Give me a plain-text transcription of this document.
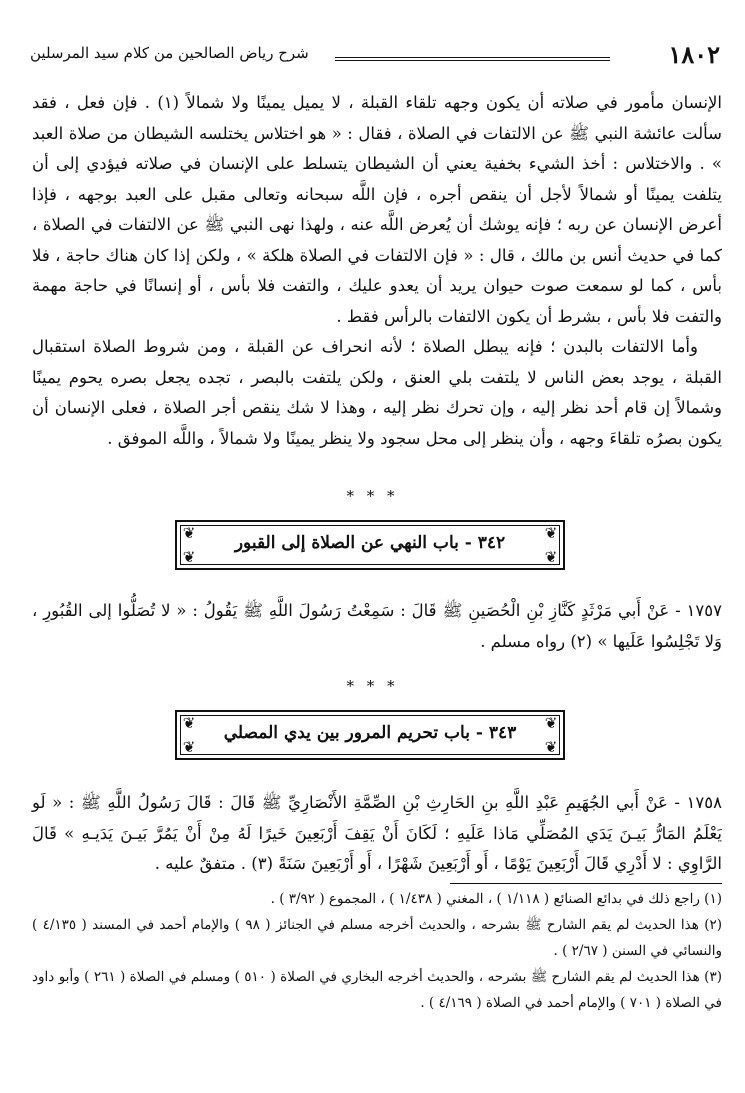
١٨٠٢
شرح رياض الصالحين من كلام سيد المرسلين

الإنسان مأمور في صلاته أن يكون وجهه تلقاء القبلة ، لا يميل يمينًا ولا شمالاً (١) . فإن فعل ، فقد سألت عائشة النبي ﷺ عن الالتفات في الصلاة ، فقال : « هو اختلاس يختلسه الشيطان من صلاة العبد » . والاختلاس : أخذ الشيء بخفية يعني أن الشيطان يتسلط على الإنسان في صلاته فيؤدي إلى أن يتلفت يمينًا أو شمالاً لأجل أن ينقص أجره ، فإن اللَّه سبحانه وتعالى مقبل على العبد بوجهه ، فإذا أعرض الإنسان عن ربه ؛ فإنه يوشك أن يُعرض اللَّه عنه ، ولهذا نهى النبي ﷺ عن الالتفات في الصلاة ، كما في حديث أنس بن مالك ، قال : « فإن الالتفات في الصلاة هلكة » ، ولكن إذا كان هناك حاجة ، فلا بأس ، كما لو سمعت صوت حيوان يريد أن يعدو عليك ، والتفت فلا بأس ، أو إنسانًا في حاجة مهمة والتفت فلا بأس ، بشرط أن يكون الالتفات بالرأس فقط .

وأما الالتفات بالبدن ؛ فإنه يبطل الصلاة ؛ لأنه انحراف عن القبلة ، ومن شروط الصلاة استقبال القبلة ، يوجد بعض الناس لا يلتفت بلي العنق ، ولكن يلتفت بالبصر ، تجده يجعل بصره يحوم يمينًا وشمالاً إن قام أحد نظر إليه ، وإن تحرك نظر إليه ، وهذا لا شك ينقص أجر الصلاة ، فعلى الإنسان أن يكون بصرُه تلقاءَ وجهه ، وأن ينظر إلى محل سجود ولا ينظر يمينًا ولا شمالاً ، واللَّه الموفق .

* * *
❦	❦
❦	❦
٣٤٢ - باب النهي عن الصلاة إلى القبور
١٧٥٧ - عَنْ أَبي مَرْثَدٍ كَنَّازِ بْنِ الْحُصَينِ ﷺ قَالَ : سَمِعْتُ رَسُولَ اللَّهِ ﷺ يَقُولُ : « لا تُصَلُّوا إلى القُبُورِ ، وَلا تَجْلِسُوا عَلَيها » (٢) رواه مسلم .
* * *
❦	❦
❦	❦
٣٤٣ - باب تحريم المرور بين يدي المصلي
١٧٥٨ - عَنْ أَبي الجُهَيمِ عَبْدِ اللَّهِ بنِ الحَارِثِ بْنِ الصِّمَّةِ الأَنْصَارِيِّ ﷺ قَالَ : قَالَ رَسُولُ اللَّهِ ﷺ : « لَو يَعْلَمُ المَارُّ بَيـنَ يَدَي المُصَلِّي مَاذا عَلَيهِ ؛ لَكَانَ أَنْ يَقِفَ أَرْبَعِينَ خَيرًا لَهُ مِنْ أَنْ يَمُرَّ بَيـنَ يَدَيـهِ » قَالَ الرَّاوِي : لا أَدْرِي قَالَ أَرْبَعِينَ يَوْمًا ، أَو أَرْبَعِينَ شَهْرًا ، أَو أَرْبَعِينَ سَنَةً (٣) . متفقٌ عليه .

(١) راجع ذلك في بدائع الصنائع ( ١/١١٨ ) ، المغني ( ١/٤٣٨ ) ، المجموع ( ٣/٩٢ ) .

(٢) هذا الحديث لم يقم الشارح ﷺ بشرحه ، والحديث أخرجه مسلم في الجنائز ( ٩٨ ) والإمام أحمد في المسند ( ٤/١٣٥ ) والنسائي في السنن ( ٢/٦٧ ) .

(٣) هذا الحديث لم يقم الشارح ﷺ بشرحه ، والحديث أخرجه البخاري في الصلاة ( ٥١٠ ) ومسلم في الصلاة ( ٢٦١ ) وأبو داود في الصلاة ( ٧٠١ ) والإمام أحمد في الصلاة ( ٤/١٦٩ ) .
